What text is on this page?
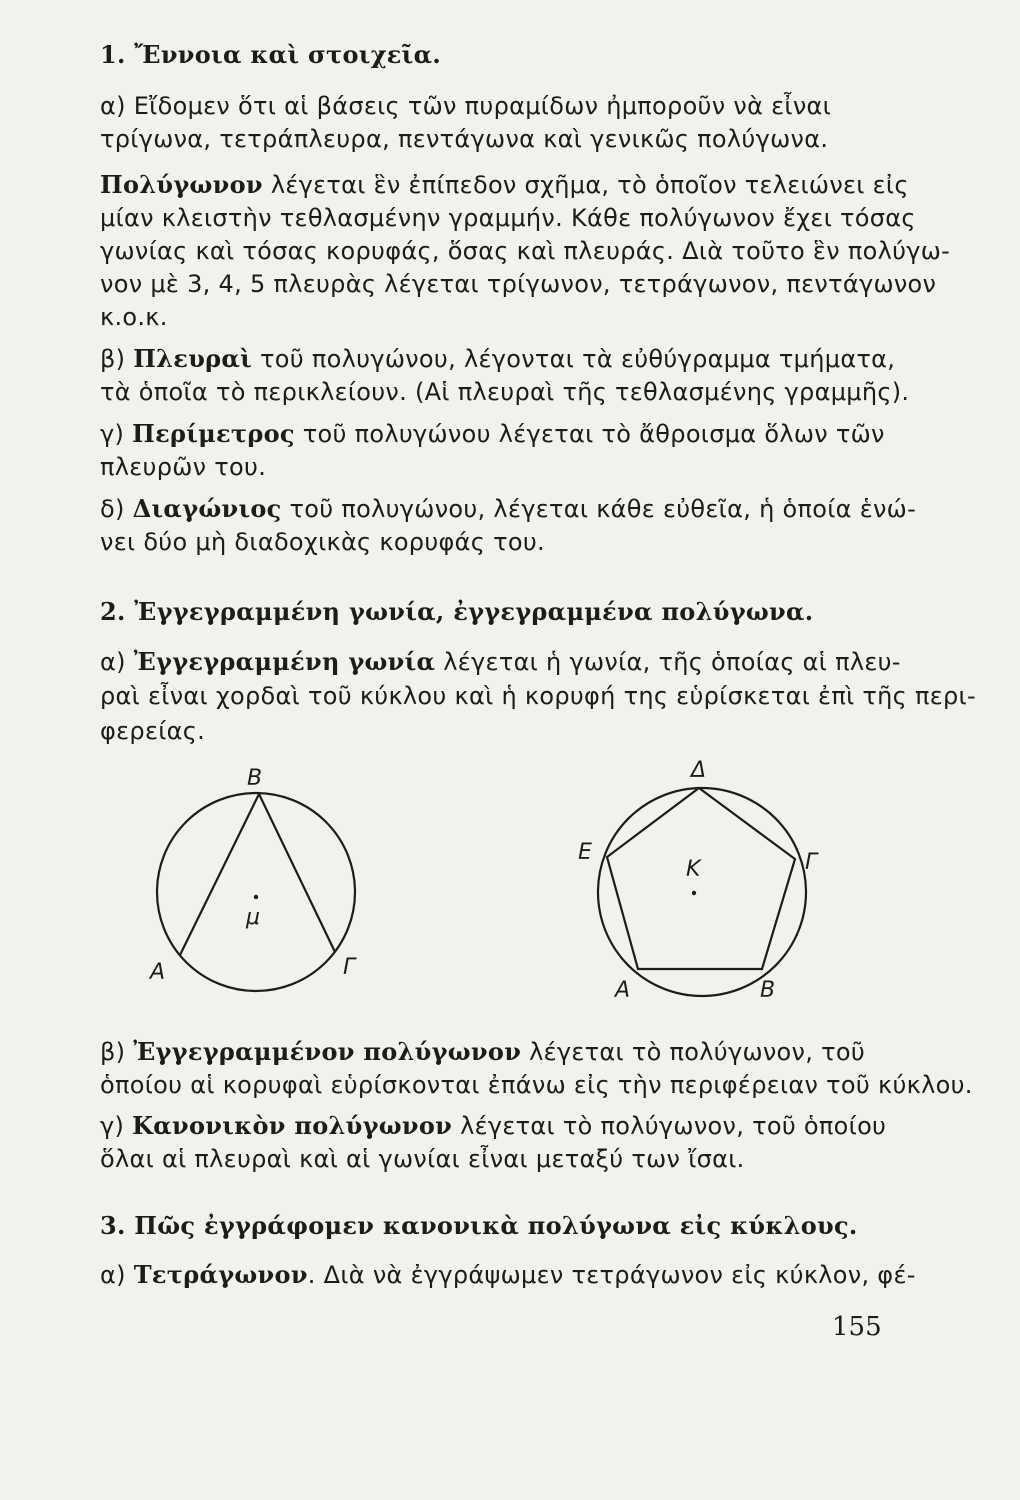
1. Ἔννοια καὶ στοιχεῖα.
α) Εἴδομεν ὅτι αἱ βάσεις τῶν πυραμίδων ἠμποροῦν νὰ εἶναι
τρίγωνα, τετράπλευρα, πεντάγωνα καὶ γενικῶς πολύγωνα.
Πολύγωνον λέγεται ἓν ἐπίπεδον σχῆμα, τὸ ὁποῖον τελειώνει εἰς
μίαν κλειστὴν τεθλασμένην γραμμήν. Κάθε πολύγωνον ἔχει τόσας
γωνίας καὶ τόσας κορυφάς, ὅσας καὶ πλευράς. Διὰ τοῦτο ἓν πολύγω-
νον μὲ 3, 4, 5 πλευρὰς λέγεται τρίγωνον, τετράγωνον, πεντάγωνον
κ.ο.κ.
β) Πλευραὶ τοῦ πολυγώνου, λέγονται τὰ εὐθύγραμμα τμήματα,
τὰ ὁποῖα τὸ περικλείουν. (Αἱ πλευραὶ τῆς τεθλασμένης γραμμῆς).
γ) Περίμετρος τοῦ πολυγώνου λέγεται τὸ ἄθροισμα ὅλων τῶν
πλευρῶν του.
δ) Διαγώνιος τοῦ πολυγώνου, λέγεται κάθε εὐθεῖα, ἡ ὁποία ἑνώ-
νει δύο μὴ διαδοχικὰς κορυφάς του.
2. Ἐγγεγραμμένη γωνία, ἐγγεγραμμένα πολύγωνα.
α) Ἐγγεγραμμένη γωνία λέγεται ἡ γωνία, τῆς ὁποίας αἱ πλευ-
ραὶ εἶναι χορδαὶ τοῦ κύκλου καὶ ἡ κορυφή της εὑρίσκεται ἐπὶ τῆς περι-
φερείας.
Β
μ
Α	Γ
Δ
Ε
Κ	Γ
Α	Β
β) Ἐγγεγραμμένον πολύγωνον λέγεται τὸ πολύγωνον, τοῦ
ὁποίου αἱ κορυφαὶ εὑρίσκονται ἐπάνω εἰς τὴν περιφέρειαν τοῦ κύκλου.
γ) Κανονικὸν πολύγωνον λέγεται τὸ πολύγωνον, τοῦ ὁποίου
ὅλαι αἱ πλευραὶ καὶ αἱ γωνίαι εἶναι μεταξύ των ἴσαι.
3. Πῶς ἐγγράφομεν κανονικὰ πολύγωνα εἰς κύκλους.
α) Τετράγωνον. Διὰ νὰ ἐγγράψωμεν τετράγωνον εἰς κύκλον, φέ-
155
